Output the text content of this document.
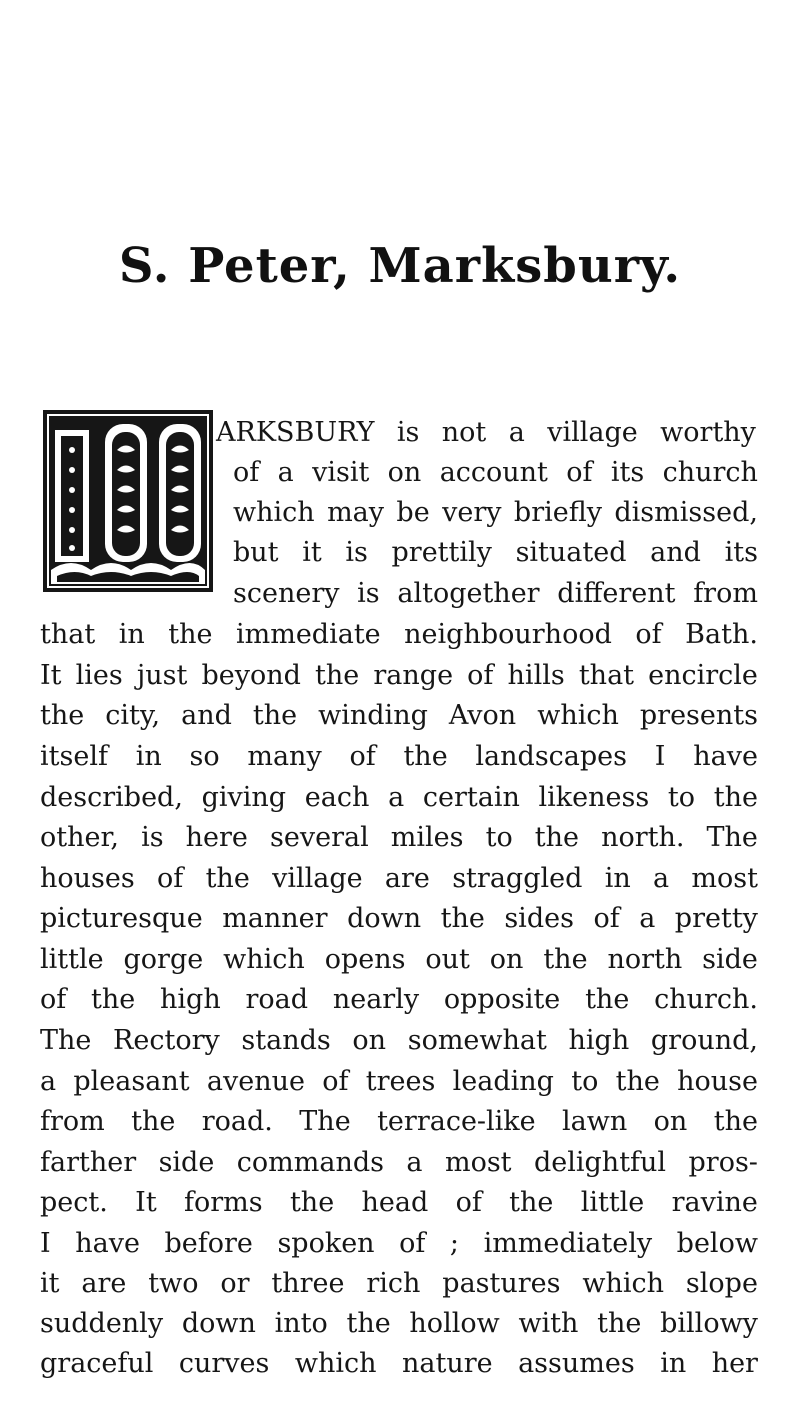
S. Peter, Marksbury.
ARKSBURY is not a village worthy
of a visit on account of its church
which may be very briefly dismissed,
but it is prettily situated and its
scenery is altogether different from
that in the immediate neighbourhood of Bath.
It lies just beyond the range of hills that encircle
the city, and the winding Avon which presents
itself in so many of the landscapes I have
described, giving each a certain likeness to the
other, is here several miles to the north. The
houses of the village are straggled in a most
picturesque manner down the sides of a pretty
little gorge which opens out on the north side
of the high road nearly opposite the church.
The Rectory stands on somewhat high ground,
a pleasant avenue of trees leading to the house
from the road. The terrace-like lawn on the
farther side commands a most delightful pros-
pect. It forms the head of the little ravine
I have before spoken of ; immediately below
it are two or three rich pastures which slope
suddenly down into the hollow with the billowy
graceful curves which nature assumes in her
